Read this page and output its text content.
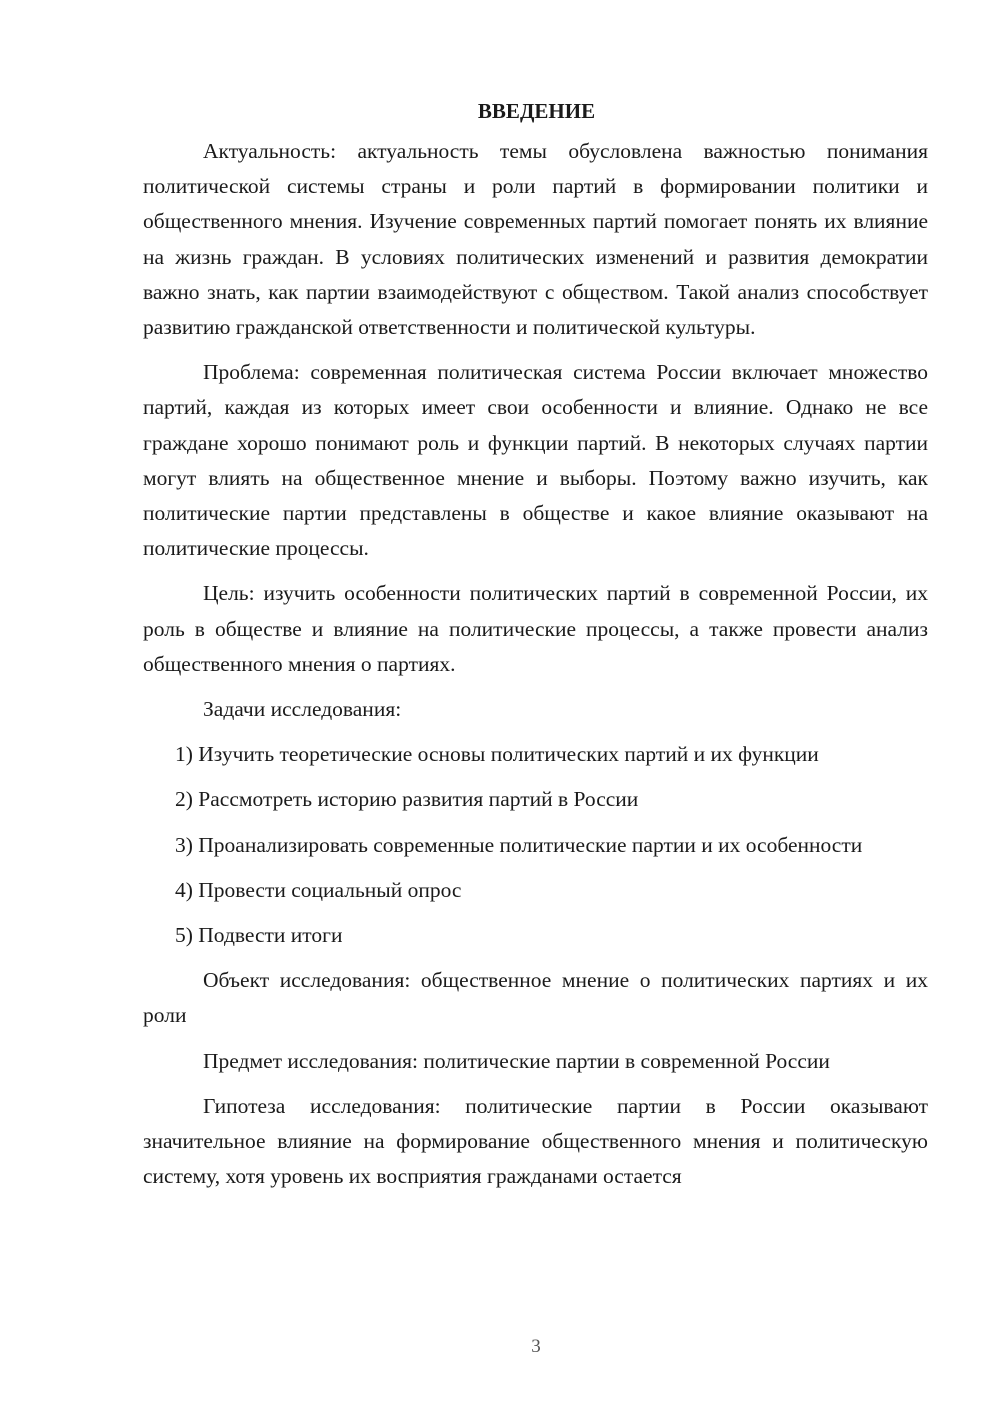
ВВЕДЕНИЕ

Актуальность: актуальность темы обусловлена важностью понимания политической системы страны и роли партий в формировании политики и общественного мнения. Изучение современных партий помогает понять их влияние на жизнь граждан. В условиях политических изменений и развития демократии важно знать, как партии взаимодействуют с обществом. Такой анализ способствует развитию гражданской ответственности и политической культуры.

Проблема: современная политическая система России включает множество партий, каждая из которых имеет свои особенности и влияние. Однако не все граждане хорошо понимают роль и функции партий. В некоторых случаях партии могут влиять на общественное мнение и выборы. Поэтому важно изучить, как политические партии представлены в обществе и какое влияние оказывают на политические процессы.

Цель: изучить особенности политических партий в современной России, их роль в обществе и влияние на политические процессы, а также провести анализ общественного мнения о партиях.

Задачи исследования:

1) Изучить теоретические основы политических партий и их функции

2) Рассмотреть историю развития партий в России

3) Проанализировать современные политические партии и их особенности

4) Провести социальный опрос

5) Подвести итоги

Объект исследования: общественное мнение о политических партиях и их роли

Предмет исследования: политические партии в современной России

Гипотеза исследования: политические партии в России оказывают значительное влияние на формирование общественного мнения и политическую систему, хотя уровень их восприятия гражданами остается

3
